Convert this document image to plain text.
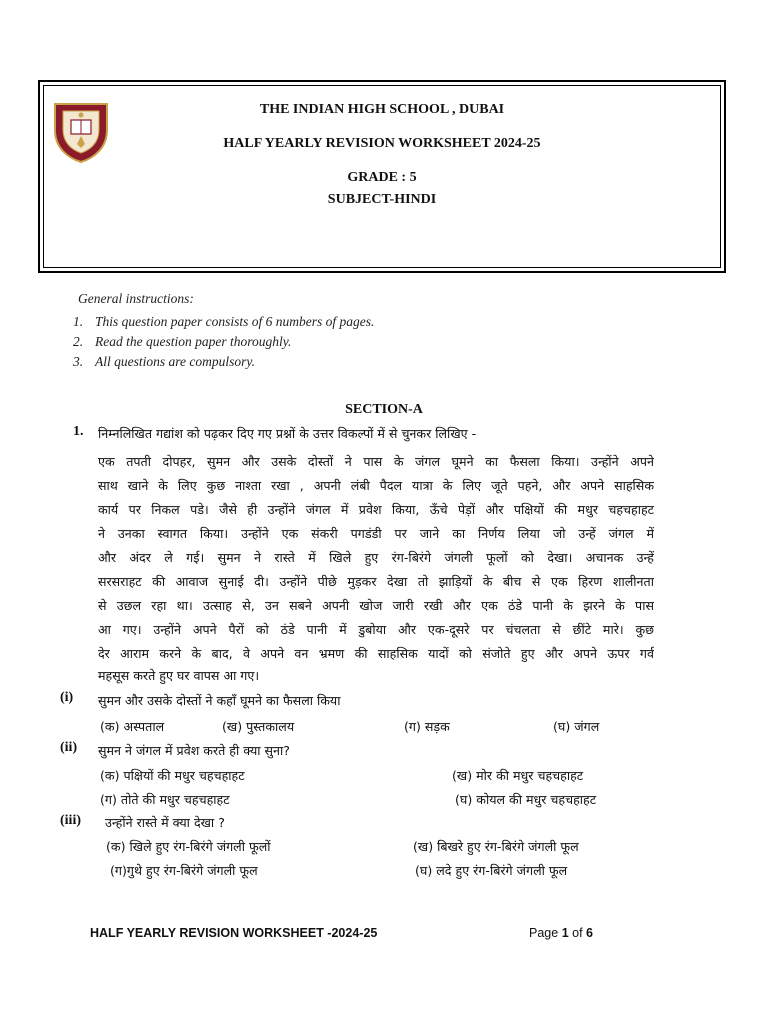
THE INDIAN HIGH SCHOOL , DUBAI
HALF YEARLY REVISION WORKSHEET 2024-25
GRADE : 5
SUBJECT-HINDI
General instructions:
1. This question paper consists of 6 numbers of pages.
2. Read the question paper thoroughly.
3. All questions are compulsory.
SECTION-A
1. निम्नलिखित गद्यांश को पढ़कर दिए गए प्रश्नों के उत्तर विकल्पों में से चुनकर लिखिए -
एक तपती दोपहर, सुमन और उसके दोस्तों ने पास के जंगल घूमने का फैसला किया। उन्होंने अपने
साथ खाने के लिए कुछ नाश्ता रखा , अपनी लंबी पैदल यात्रा के लिए जूते पहने, और अपने साहसिक
कार्य पर निकल पडे। जैसे ही उन्होंने जंगल में प्रवेश किया, ऊँचे पेड़ों और पक्षियों की मधुर चहचहाहट
ने उनका स्वागत किया। उन्होंने एक संकरी पगडंडी पर जाने का निर्णय लिया जो उन्हें जंगल में
और अंदर ले गई। सुमन ने रास्ते में खिले हुए रंग-बिरंगे जंगली फूलों को देखा। अचानक उन्हें
सरसराहट की आवाज सुनाई दी। उन्होंने पीछे मुड़कर देखा तो झाड़ियों के बीच से एक हिरण शालीनता
से उछल रहा था। उत्साह से, उन सबने अपनी खोज जारी रखी और एक ठंडे पानी के झरने के पास
आ गए। उन्होंने अपने पैरों को ठंडे पानी में डुबोया और एक-दूसरे पर चंचलता से छींटे मारे। कुछ
देर आराम करने के बाद, वे अपने वन भ्रमण की साहसिक यादों को संजोते हुए और अपने ऊपर गर्व
महसूस करते हुए घर वापस आ गए।
(i) सुमन और उसके दोस्तों ने कहाँ घूमने का फैसला किया
(क) अस्पताल	(ख) पुस्तकालय	(ग) सड़क	(घ) जंगल
(ii) सुमन ने जंगल में प्रवेश करते ही क्या सुना?
(क) पक्षियों की मधुर चहचहाहट	(ख) मोर की मधुर चहचहाहट
(ग) तोते की मधुर चहचहाहट	(घ) कोयल की मधुर चहचहाहट
(iii) उन्होंने रास्ते में क्या देखा ?
(क) खिले हुए रंग-बिरंगे जंगली फूलों	(ख) बिखरे हुए रंग-बिरंगे जंगली फूल
(ग)गुथे हुए रंग-बिरंगे जंगली फूल	(घ) लदे हुए रंग-बिरंगे जंगली फूल
HALF YEARLY REVISION WORKSHEET -2024-25	Page 1 of 6
